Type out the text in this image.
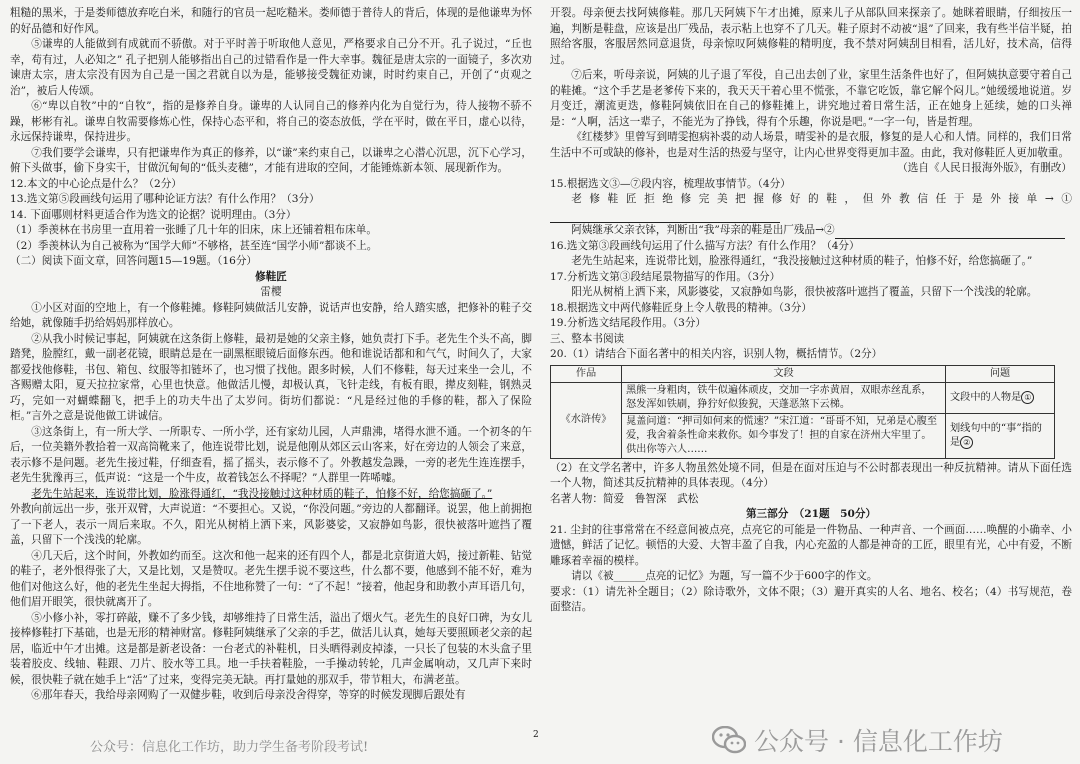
粗糙的黑米，于是娄师德放弃吃白米，和随行的官员一起吃糙米。娄师德于普待人的背后，体现的是他谦卑为怀的好品德和好作风。

⑤谦卑的人能做到有成就而不骄傲。对于平时善于听取他人意见，严格要求自己分不开。孔子说过，“丘也幸，苟有过，人必知之” 孔子把别人能够指出自己的过错看作是一件大幸事。魏征是唐太宗的一面镜子，多次劝谏唐太宗，唐太宗没有因为自己是一国之君就自以为是，能够接受魏征劝谏，时时约束自己，开创了“贞观之治”，被后人传颂。

⑥“卑以自牧”中的“自牧”，指的是修养自身。谦卑的人认同自己的修养内化为自觉行为，待人接物不骄不躁，彬彬有礼。谦卑自牧需要修炼心性，保持心态平和，将自己的姿态放低，学在平时，做在平日，虚心以待，永远保持谦卑，保持进步。

⑦我们要学会谦卑，只有把谦卑作为真正的修养，以“谦”来约束自己，以谦卑之心潜心沉思，沉下心学习，俯下头做事，偷下身实干，甘做沉甸甸的“低头麦穗”，才能有进取的空间，才能锤炼新本领、展现新作为。

12.本文的中心论点是什么？（2分）

13.选文第⑤段画线句运用了哪种论证方法？有什么作用？（3分）

14. 下面哪则材料更适合作为选文的论据？说明理由。（3分）

（1）季羡林在书房里一直用着一张睡了几十年的旧床，床上还铺着粗布床单。

（2）季羡林认为自己被称为“国学大师”不够格，甚至连“国学小师”都谈不上。

（二）阅读下面文章，回答问题15—19题。（16分）

修鞋匠

雷樱

①小区对面的空地上，有一个修鞋摊。修鞋阿姨做活儿安静，说话声也安静，给人踏实感，把修补的鞋子交给她，就像随手扔给妈妈那样放心。

②从我小时候记事起，阿姨就在这条街上修鞋，最初是她的父亲主修，她负责打下手。老先生个头不高，脚踏凳，脸膛红，戴一副老花镜，眼睛总是在一副黑框眼镜后面修东西。他和谁说话都和和气气，时间久了，大家都爱找他修鞋，书包、箱包、纹服等扣链坏了，也习惯了找他。跟多时候，人们不修鞋，每天过来坐一会儿，不吝赐赠太阳，夏天拉拉家常，心里也快意。他做活儿慢，却极认真，飞针走线，有板有眼，撵皮刻鞋，钢熟灵巧，完如一对蝴蝶翻飞，把手上的功夫牛出了太岁问。街坊们都说：“凡是经过他的手修的鞋，都入了保险柜。”言外之意是说他做工讲诚信。

③这条街上，有一所大学、一所职专、一所小学，还有家幼儿园，人声鼎沸，堵得水泄不通。一个初冬的午后，一位美籍外教拾着一双高筒靴来了，他连说带比划，说是他刚从郊区云山客来，好在旁边的人领会了来意，表示修不是问题。老先生接过鞋，仔细查看，摇了摇头，表示修不了。外教越发急躁，一旁的老先生连连摆手，老先生犹豫再三，低声说：“这是一个牛皮，故着钱怎么不择呢？”人群里一阵唏嘘。

老先生站起来，连说带比划，脸涨得通红，“我没接触过这种材质的鞋子，怕修不好，给您搞砸了。”

外教向前远出一步，张开双臂，大声说道：“不要担心。又说，“你没问题。”旁边的人都翻译。说罢，他上前拥抱了一下老人，表示一周后来取。不久，阳光从树梢上洒下来，风影婆娑，又寂静如鸟影，很快被落叶遮挡了覆盖，只留下一个浅浅的轮廓。

④几天后，这个时间，外教如约而至。这次和他一起来的还有四个人，都是北京街道大妈，接过新鞋、钻觉的鞋子，老外恨得张了大，又是比划，又是赞叹。老先生摆手说不要这些，什么都不要，他感到不能不好，难为他们对他这么好，他的老先生坐起大拇指，不住地称赞了一句：“了不起！”接着，他起身和助教小声耳语几句，他们眉开眼笑，很快就离开了。

⑤小修小补，零打碎敲，赚不了多少钱，却够维持了日常生活，溢出了烟火气。老先生的良好口碑，为女儿接棒修鞋打下基础，也是无形的精神财富。修鞋阿姨继承了父亲的手艺，做活儿认真，她每天要照顾老父亲的起居，临近中午才出摊。这是都是新老设备：一台老式的补鞋机，日头晒得剥皮掉漆，一只长了包装的木头盒子里装着胶皮、线轴、鞋跟、刀片、胶水等工具。地一手扶着鞋脸，一手操动转轮，几声金属响动，又几声下来时候，很快鞋子就在她手上“活”了过来，变得完美无缺。再打量她的那双手，带节粗大，布满老茧。

⑥那年春天，我给母亲网购了一双健步鞋，收到后母亲没舍得穿，等穿的时候发现脚后跟处有

开裂。母亲便去找阿姨修鞋。那几天阿姨下午才出摊，原来儿子从部队回来探亲了。她眯着眼睛，仔细按压一遍，判断是鞋盘，应该是出厂残品，表示粘上也穿不了几天。鞋子原封不动被“退”了回来，我有些半信半疑，拍照给客服，客服居然同意退货，母亲惊叹阿姨修鞋的精明度，我不禁对阿姨刮目相看，活儿好，技术高，信得过。

⑦后来，听母亲说，阿姨的儿子退了军役，自己出去创了业，家里生活条件也好了，但阿姨执意要守着自己的鞋摊。“这个手艺是老爹传下来的，我天天干着心里不慌张，不靠它吃饭，靠它解个闷儿。”她缓缓地说道。岁月变迁，潮流更迭，修鞋阿姨依旧在自己的修鞋摊上，讲究地过着日常生活，正在她身上延续，她的口头禅是：“人啊，活这一辈子，不能光为了挣钱，得有个乐趣，你说是吧。”一字一句，皆是哲理。

《红楼梦》里曾写到晴雯抱病补裘的动人场景，晴雯补的是衣服，修复的是人心和人情。同样的，我们日常生活中不可或缺的修补，也是对生活的热爱与坚守，让内心世界变得更加丰盈。由此，我对修鞋匠人更加敬重。

（选自《人民日报海外版》，有删改）

15.根据选文③—⑦段内容，梳理故事情节。（4分）

老修鞋匠拒绝修完美把握修好的鞋，但外教信任于是外接单→①

阿姨继承父亲衣钵，判断出“我”母亲的鞋是出厂残品→②

16.选文第③段画线句运用了什么描写方法？有什么作用？（4分）

老先生站起来，连说带比划，脸涨得通红，“我没接触过这种材质的鞋子，怕修不好，给您搞砸了。”

17.分析选文第③段结尾景物描写的作用。（3分）

阳光从树梢上洒下来，风影婆娑，又寂静如鸟影，很快被落叶遮挡了覆盖，只留下一个浅浅的轮廓。

18.根据选文中两代修鞋匠身上令人敬畏的精神。（3分）

19.分析选文结尾段作用。（3分）

三、整本书阅读

20.（1）请结合下面名著中的相关内容，识别人物，概括情节。（2分）

作品	文段	问题
《水浒传》	黑熊一身粗肉，铁牛似遍体顽皮，交加一字赤黄眉，双眼赤丝乱系，怒发浑如铁刷，狰狞好似狻猊，天蓬恶煞下云梯。	文段中的人物是 ①
	晁盖问道：“押司如何来的慌速？”宋江道：“哥哥不知，兄弟是心腹至爱，我舍着条性命来救你。如今事发了！担的自家在济州大牢里了。供出你等六人……	划线句中的“事”指的是 ②

（2）在文学名著中，许多人物虽然处境不同，但是在面对压迫与不公时都表现出一种反抗精神。请从下面任选一个人物，简述其反抗精神的具体表现。（4分）

名著人物：简爱　鲁智深　武松

第三部分　（21题　50分）

21. 尘封的往事常常在不经意间被点亮，点亮它的可能是一件物品、一种声音、一个画面……唤醒的小确幸、小遗憾，鲜活了记忆。顿悟的大爱、大智丰盈了自我，内心充盈的人都是神奇的工匠，眼里有光，心中有爱，不断雕琢着幸福的模样。

请以《被______点亮的记忆》为题，写一篇不少于600字的作文。

要求：（1）请先补全题目；（2）除诗歌外，文体不限；（3）避开真实的人名、地名、校名；（4）书写规范，卷面整洁。

公众号：信息化工作坊，助力学生备考阶段考试!
2	公众号 · 信息化工作坊
